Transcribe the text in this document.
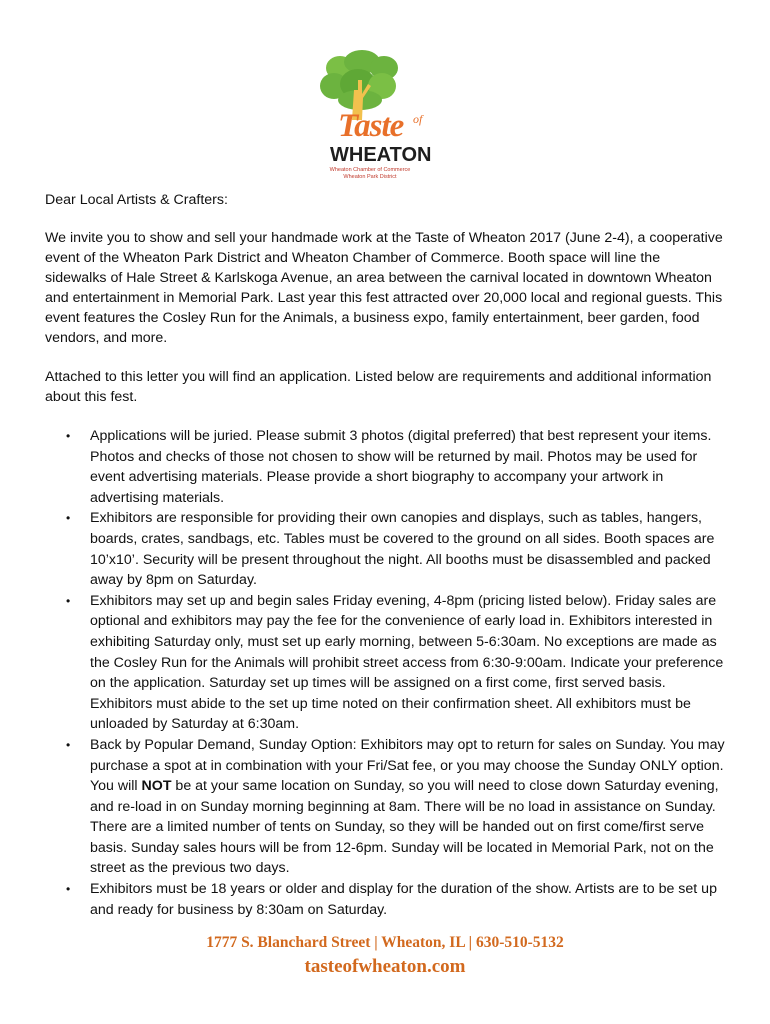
Taste of
WHEATON
Wheaton Chamber of Commerce
Wheaton Park District

Dear Local Artists & Crafters:

We invite you to show and sell your handmade work at the Taste of Wheaton 2017 (June 2-4), a cooperative event of the Wheaton Park District and Wheaton Chamber of Commerce. Booth space will line the sidewalks of Hale Street & Karlskoga Avenue, an area between the carnival located in downtown Wheaton and entertainment in Memorial Park. Last year this fest attracted over 20,000 local and regional guests. This event features the Cosley Run for the Animals, a business expo, family entertainment, beer garden, food vendors, and more.

Attached to this letter you will find an application. Listed below are requirements and additional information about this fest.

• Applications will be juried. Please submit 3 photos (digital preferred) that best represent your items. Photos and checks of those not chosen to show will be returned by mail. Photos may be used for event advertising materials. Please provide a short biography to accompany your artwork in advertising materials.
• Exhibitors are responsible for providing their own canopies and displays, such as tables, hangers, boards, crates, sandbags, etc. Tables must be covered to the ground on all sides. Booth spaces are 10’x10’. Security will be present throughout the night. All booths must be disassembled and packed away by 8pm on Saturday.
• Exhibitors may set up and begin sales Friday evening, 4-8pm (pricing listed below). Friday sales are optional and exhibitors may pay the fee for the convenience of early load in. Exhibitors interested in exhibiting Saturday only, must set up early morning, between 5-6:30am. No exceptions are made as the Cosley Run for the Animals will prohibit street access from 6:30-9:00am. Indicate your preference on the application. Saturday set up times will be assigned on a first come, first served basis. Exhibitors must abide to the set up time noted on their confirmation sheet. All exhibitors must be unloaded by Saturday at 6:30am.
• Back by Popular Demand, Sunday Option: Exhibitors may opt to return for sales on Sunday. You may purchase a spot at in combination with your Fri/Sat fee, or you may choose the Sunday ONLY option. You will NOT be at your same location on Sunday, so you will need to close down Saturday evening, and re-load in on Sunday morning beginning at 8am. There will be no load in assistance on Sunday. There are a limited number of tents on Sunday, so they will be handed out on first come/first serve basis. Sunday sales hours will be from 12-6pm. Sunday will be located in Memorial Park, not on the street as the previous two days.
• Exhibitors must be 18 years or older and display for the duration of the show. Artists are to be set up and ready for business by 8:30am on Saturday.
1777 S. Blanchard Street | Wheaton, IL | 630-510-5132
tasteofwheaton.com
